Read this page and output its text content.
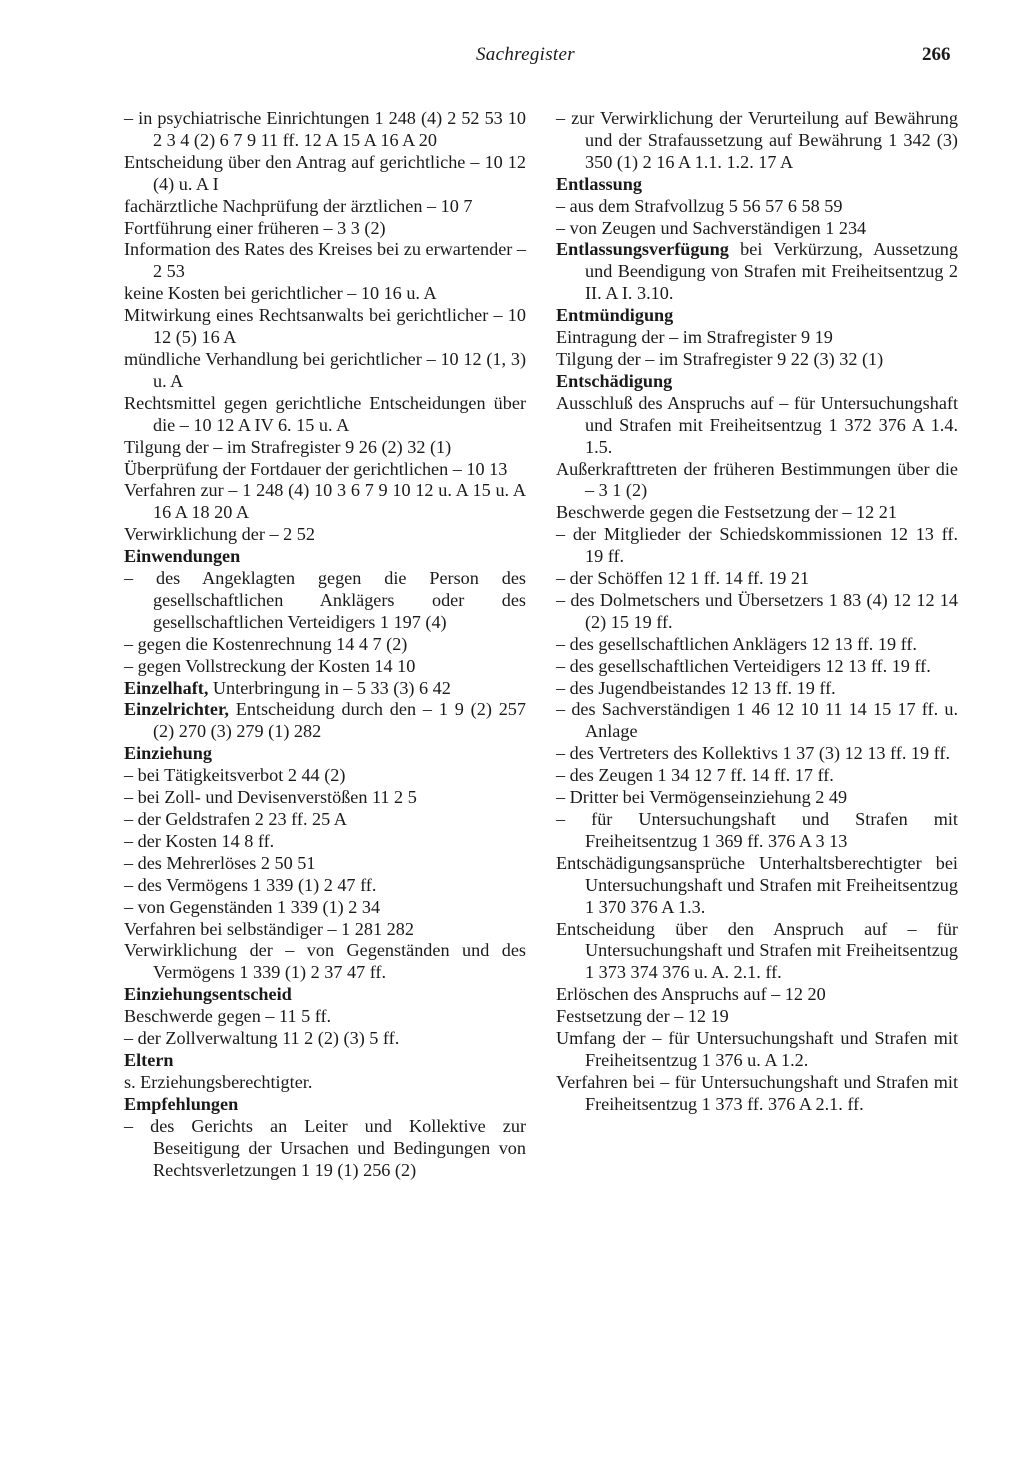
Sachregister	266
– in psychiatrische Einrichtungen 1 248 (4) 2 52 53 10 2 3 4 (2) 6 7 9 11 ff. 12 A 15 A 16 A 20
Entscheidung über den Antrag auf gerichtliche – 10 12 (4) u. A I
fachärztliche Nachprüfung der ärztlichen – 10 7
Fortführung einer früheren – 3 3 (2)
Information des Rates des Kreises bei zu erwartender – 2 53
keine Kosten bei gerichtlicher – 10 16 u. A
Mitwirkung eines Rechtsanwalts bei gerichtlicher – 10 12 (5) 16 A
mündliche Verhandlung bei gerichtlicher – 10 12 (1, 3) u. A
Rechtsmittel gegen gerichtliche Entscheidungen über die – 10 12 A IV 6. 15 u. A
Tilgung der – im Strafregister 9 26 (2) 32 (1)
Überprüfung der Fortdauer der gerichtlichen – 10 13
Verfahren zur – 1 248 (4) 10 3 6 7 9 10 12 u. A 15 u. A 16 A 18 20 A
Verwirklichung der – 2 52
Einwendungen
– des Angeklagten gegen die Person des gesellschaftlichen Anklägers oder des gesellschaftlichen Verteidigers 1 197 (4)
– gegen die Kostenrechnung 14 4 7 (2)
– gegen Vollstreckung der Kosten 14 10
Einzelhaft, Unterbringung in – 5 33 (3) 6 42
Einzelrichter, Entscheidung durch den – 1 9 (2) 257 (2) 270 (3) 279 (1) 282
Einziehung
– bei Tätigkeitsverbot 2 44 (2)
– bei Zoll- und Devisenverstößen 11 2 5
– der Geldstrafen 2 23 ff. 25 A
– der Kosten 14 8 ff.
– des Mehrerlöses 2 50 51
– des Vermögens 1 339 (1) 2 47 ff.
– von Gegenständen 1 339 (1) 2 34
Verfahren bei selbständiger – 1 281 282
Verwirklichung der – von Gegenständen und des Vermögens 1 339 (1) 2 37 47 ff.
Einziehungsentscheid
Beschwerde gegen – 11 5 ff.
– der Zollverwaltung 11 2 (2) (3) 5 ff.
Eltern
s. Erziehungsberechtigter.
Empfehlungen
– des Gerichts an Leiter und Kollektive zur Beseitigung der Ursachen und Bedingungen von Rechtsverletzungen 1 19 (1) 256 (2)
– zur Verwirklichung der Verurteilung auf Bewährung und der Strafaussetzung auf Bewährung 1 342 (3) 350 (1) 2 16 A 1.1. 1.2. 17 A
Entlassung
– aus dem Strafvollzug 5 56 57 6 58 59
– von Zeugen und Sachverständigen 1 234
Entlassungsverfügung bei Verkürzung, Aussetzung und Beendigung von Strafen mit Freiheitsentzug 2 II. A I. 3.10.
Entmündigung
Eintragung der – im Strafregister 9 19
Tilgung der – im Strafregister 9 22 (3) 32 (1)
Entschädigung
Ausschluß des Anspruchs auf – für Untersuchungshaft und Strafen mit Freiheitsentzug 1 372 376 A 1.4. 1.5.
Außerkrafttreten der früheren Bestimmungen über die – 3 1 (2)
Beschwerde gegen die Festsetzung der – 12 21
– der Mitglieder der Schiedskommissionen 12 13 ff. 19 ff.
– der Schöffen 12 1 ff. 14 ff. 19 21
– des Dolmetschers und Übersetzers 1 83 (4) 12 12 14 (2) 15 19 ff.
– des gesellschaftlichen Anklägers 12 13 ff. 19 ff.
– des gesellschaftlichen Verteidigers 12 13 ff. 19 ff.
– des Jugendbeistandes 12 13 ff. 19 ff.
– des Sachverständigen 1 46 12 10 11 14 15 17 ff. u. Anlage
– des Vertreters des Kollektivs 1 37 (3) 12 13 ff. 19 ff.
– des Zeugen 1 34 12 7 ff. 14 ff. 17 ff.
– Dritter bei Vermögenseinziehung 2 49
– für Untersuchungshaft und Strafen mit Freiheitsentzug 1 369 ff. 376 A 3 13
Entschädigungsansprüche Unterhaltsberechtigter bei Untersuchungshaft und Strafen mit Freiheitsentzug 1 370 376 A 1.3.
Entscheidung über den Anspruch auf – für Untersuchungshaft und Strafen mit Freiheitsentzug 1 373 374 376 u. A. 2.1. ff.
Erlöschen des Anspruchs auf – 12 20
Festsetzung der – 12 19
Umfang der – für Untersuchungshaft und Strafen mit Freiheitsentzug 1 376 u. A 1.2.
Verfahren bei – für Untersuchungshaft und Strafen mit Freiheitsentzug 1 373 ff. 376 A 2.1. ff.
